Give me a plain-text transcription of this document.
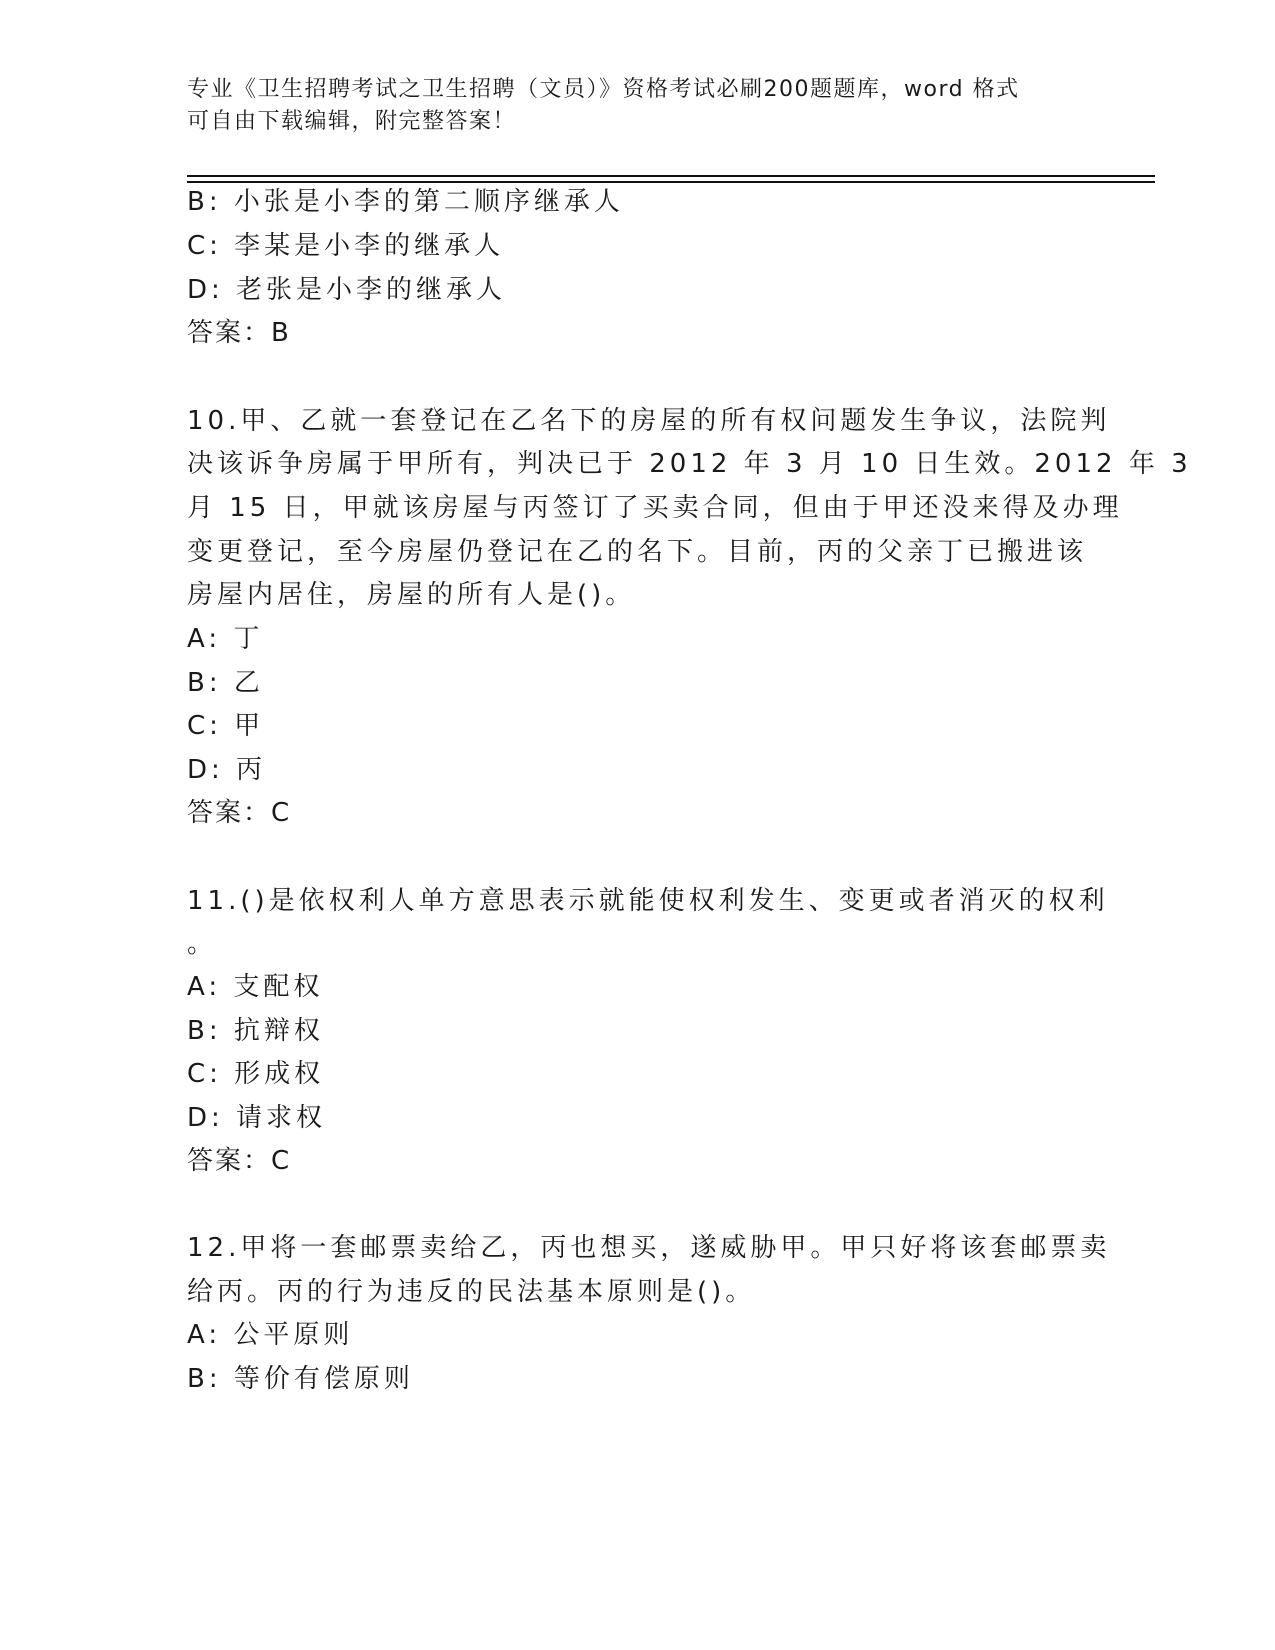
专业《卫生招聘考试之卫生招聘（文员）》资格考试必刷200题题库，word 格式
可自由下载编辑，附完整答案！
B: 小张是小李的第二顺序继承人
C: 李某是小李的继承人
D: 老张是小李的继承人
答案：B
10.甲、乙就一套登记在乙名下的房屋的所有权问题发生争议，法院判
决该诉争房属于甲所有，判决已于 2012 年 3 月 10 日生效。2012 年 3
月 15 日，甲就该房屋与丙签订了买卖合同，但由于甲还没来得及办理
变更登记，至今房屋仍登记在乙的名下。目前，丙的父亲丁已搬进该
房屋内居住，房屋的所有人是()。
A: 丁
B: 乙
C: 甲
D: 丙
答案：C
11.()是依权利人单方意思表示就能使权利发生、变更或者消灭的权利
。
A: 支配权
B: 抗辩权
C: 形成权
D: 请求权
答案：C
12.甲将一套邮票卖给乙，丙也想买，遂威胁甲。甲只好将该套邮票卖
给丙。丙的行为违反的民法基本原则是()。
A: 公平原则
B: 等价有偿原则
